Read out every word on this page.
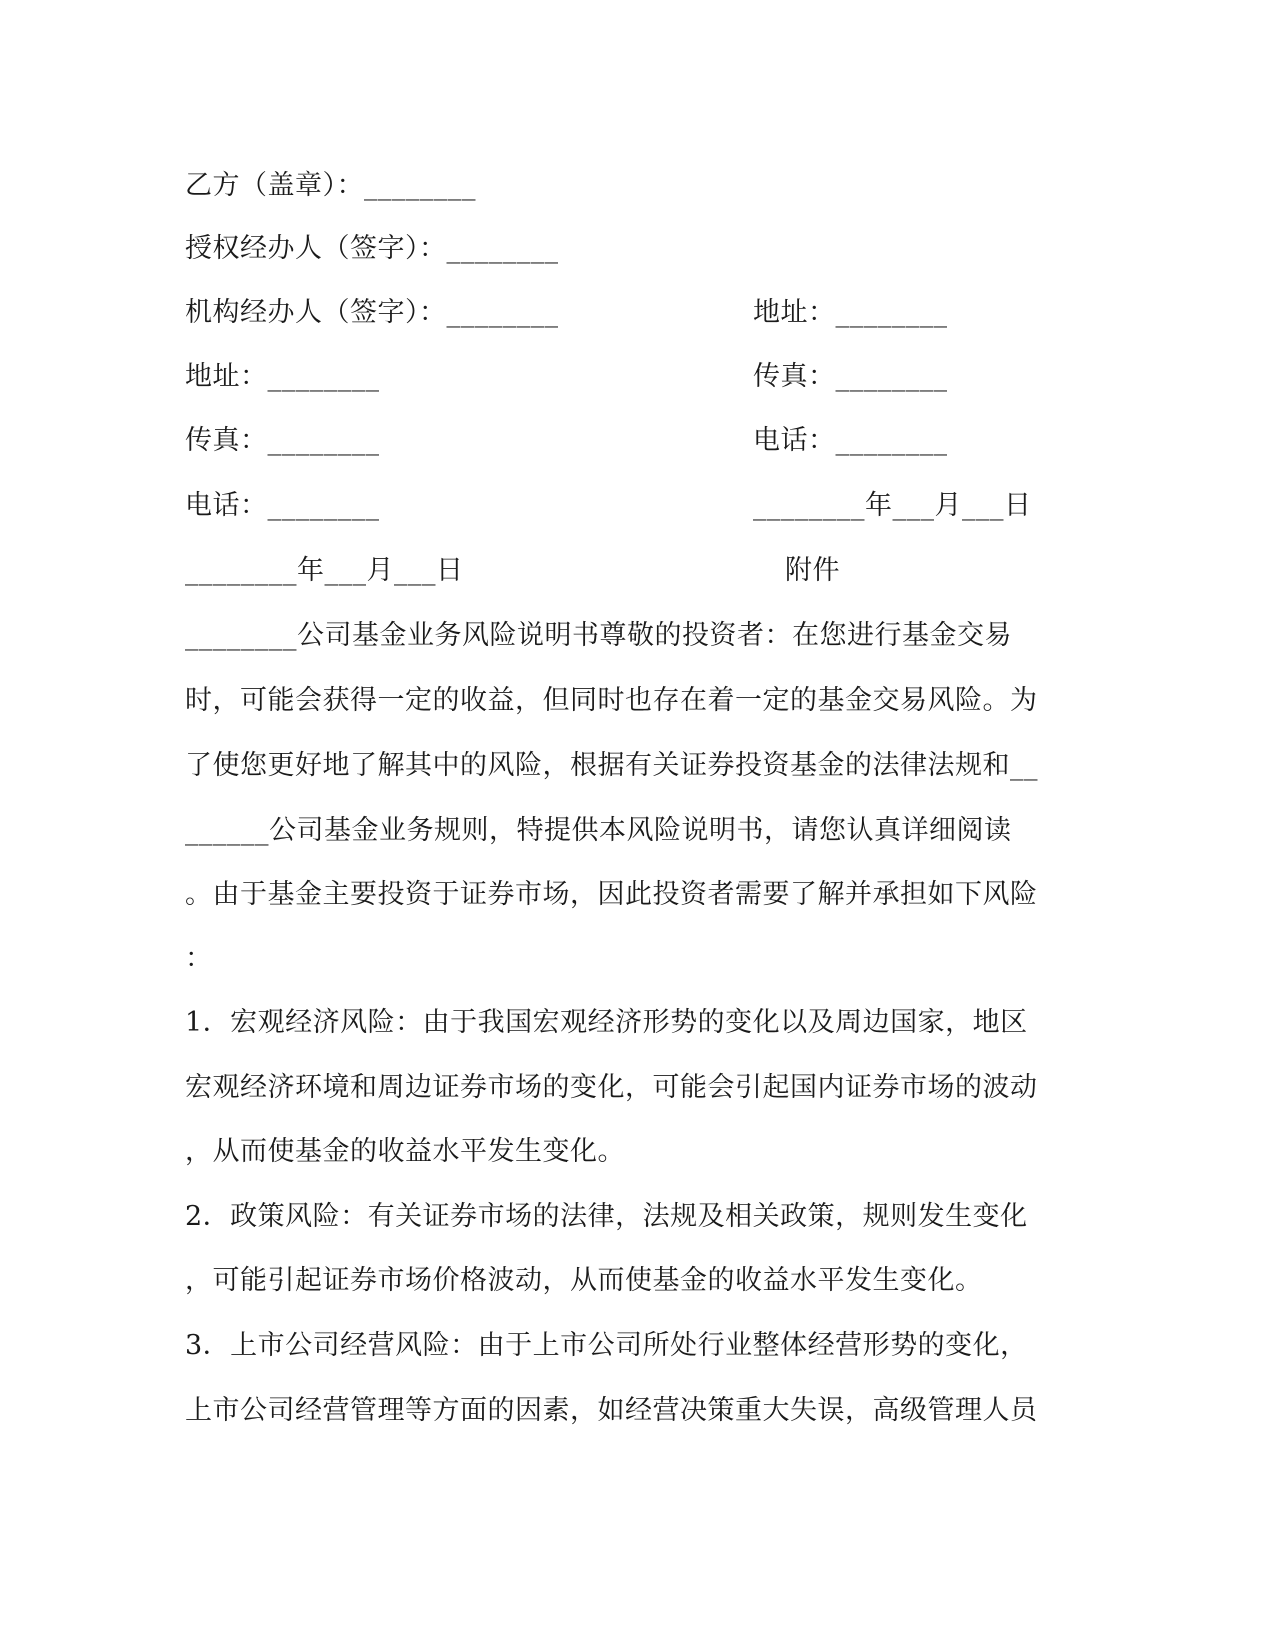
乙方（盖章）：________
授权经办人（签字）：________
机构经办人（签字）：________
地址：________
传真：________
电话：________
________年___月___日
地址：________
传真：________
电话：________
________年___月___日
附件
________公司基金业务风险说明书尊敬的投资者：在您进行基金交易
时，可能会获得一定的收益，但同时也存在着一定的基金交易风险。为
了使您更好地了解其中的风险，根据有关证券投资基金的法律法规和__
______公司基金业务规则，特提供本风险说明书，请您认真详细阅读
。由于基金主要投资于证券市场，因此投资者需要了解并承担如下风险
：
1．宏观经济风险：由于我国宏观经济形势的变化以及周边国家，地区
宏观经济环境和周边证券市场的变化，可能会引起国内证券市场的波动
，从而使基金的收益水平发生变化。
2．政策风险：有关证券市场的法律，法规及相关政策，规则发生变化
，可能引起证券市场价格波动，从而使基金的收益水平发生变化。
3．上市公司经营风险：由于上市公司所处行业整体经营形势的变化，
上市公司经营管理等方面的因素，如经营决策重大失误，高级管理人员
